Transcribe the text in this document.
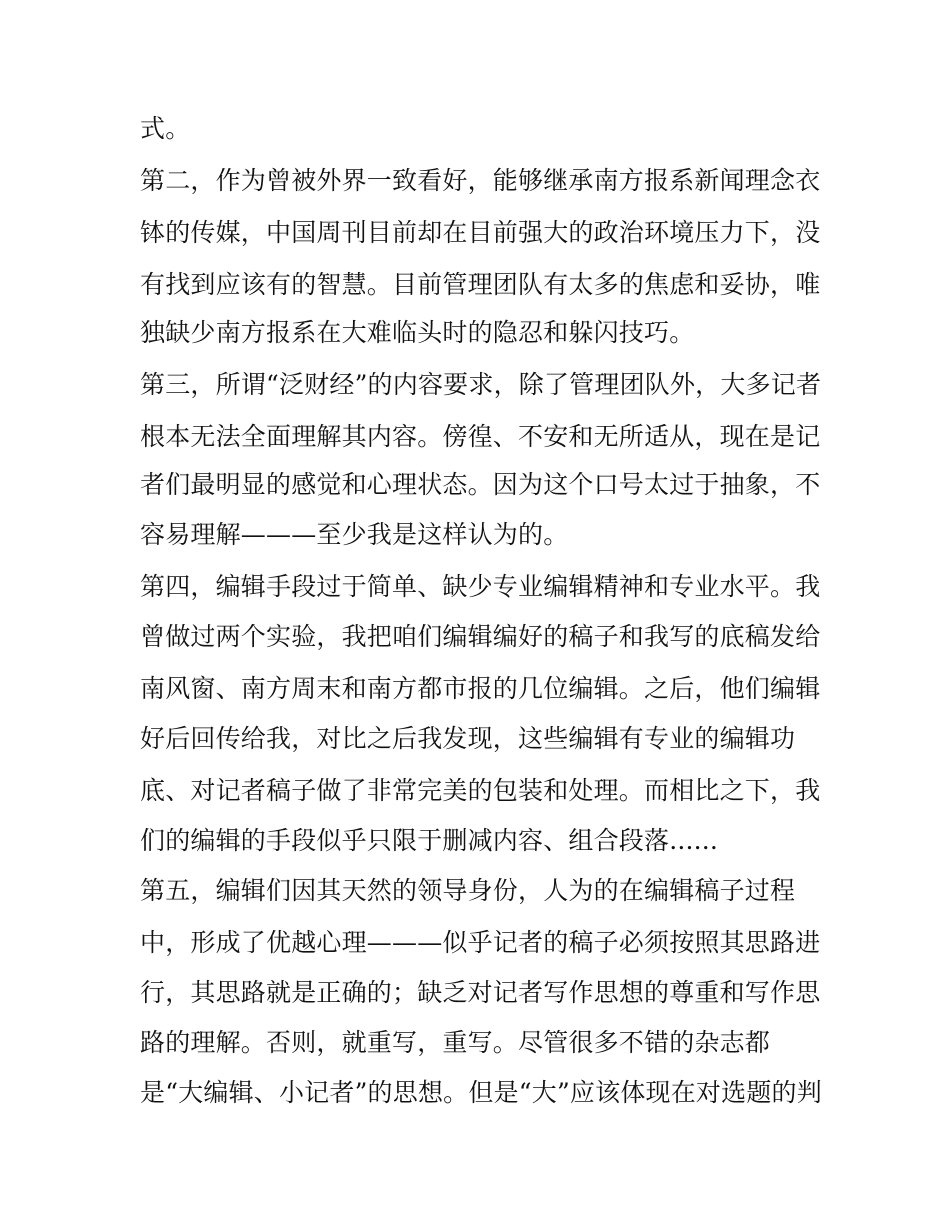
式。
第二，作为曾被外界一致看好，能够继承南方报系新闻理念衣
钵的传媒，中国周刊目前却在目前强大的政治环境压力下，没
有找到应该有的智慧。目前管理团队有太多的焦虑和妥协，唯
独缺少南方报系在大难临头时的隐忍和躲闪技巧。
第三，所谓“泛财经”的内容要求，除了管理团队外，大多记者
根本无法全面理解其内容。傍徨、不安和无所适从，现在是记
者们最明显的感觉和心理状态。因为这个口号太过于抽象，不
容易理解———至少我是这样认为的。
第四，编辑手段过于简单、缺少专业编辑精神和专业水平。我
曾做过两个实验，我把咱们编辑编好的稿子和我写的底稿发给
南风窗、南方周末和南方都市报的几位编辑。之后，他们编辑
好后回传给我，对比之后我发现，这些编辑有专业的编辑功
底、对记者稿子做了非常完美的包装和处理。而相比之下，我
们的编辑的手段似乎只限于删减内容、组合段落......
第五，编辑们因其天然的领导身份，人为的在编辑稿子过程
中，形成了优越心理———似乎记者的稿子必须按照其思路进
行，其思路就是正确的；缺乏对记者写作思想的尊重和写作思
路的理解。否则，就重写，重写。尽管很多不错的杂志都
是“大编辑、小记者”的思想。但是“大”应该体现在对选题的判
